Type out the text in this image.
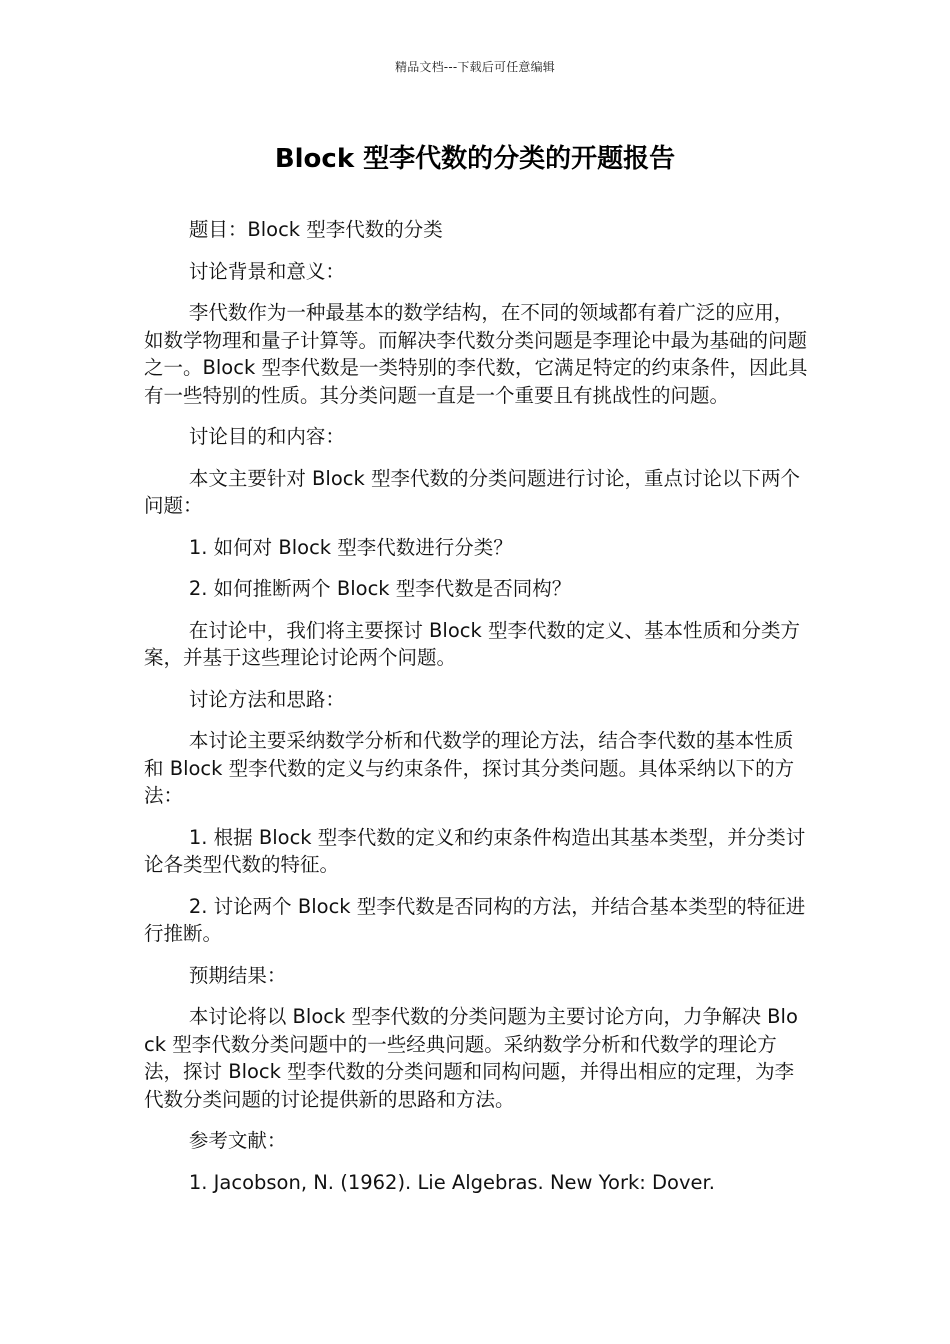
精品文档---下载后可任意编辑
Block 型李代数的分类的开题报告

题目：Block 型李代数的分类

讨论背景和意义：

李代数作为一种最基本的数学结构，在不同的领域都有着广泛的应用，如数学物理和量子计算等。而解决李代数分类问题是李理论中最为基础的问题之一。Block 型李代数是一类特别的李代数，它满足特定的约束条件，因此具有一些特别的性质。其分类问题一直是一个重要且有挑战性的问题。

讨论目的和内容：

本文主要针对 Block 型李代数的分类问题进行讨论，重点讨论以下两个问题：

1. 如何对 Block 型李代数进行分类？

2. 如何推断两个 Block 型李代数是否同构？

在讨论中，我们将主要探讨 Block 型李代数的定义、基本性质和分类方案，并基于这些理论讨论两个问题。

讨论方法和思路：

本讨论主要采纳数学分析和代数学的理论方法，结合李代数的基本性质和 Block 型李代数的定义与约束条件，探讨其分类问题。具体采纳以下的方法：

1. 根据 Block 型李代数的定义和约束条件构造出其基本类型，并分类讨论各类型代数的特征。

2. 讨论两个 Block 型李代数是否同构的方法，并结合基本类型的特征进行推断。

预期结果：

本讨论将以 Block 型李代数的分类问题为主要讨论方向，力争解决 Block 型李代数分类问题中的一些经典问题。采纳数学分析和代数学的理论方法，探讨 Block 型李代数的分类问题和同构问题，并得出相应的定理，为李代数分类问题的讨论提供新的思路和方法。

参考文献：

1. Jacobson, N. (1962). Lie Algebras. New York: Dover.
